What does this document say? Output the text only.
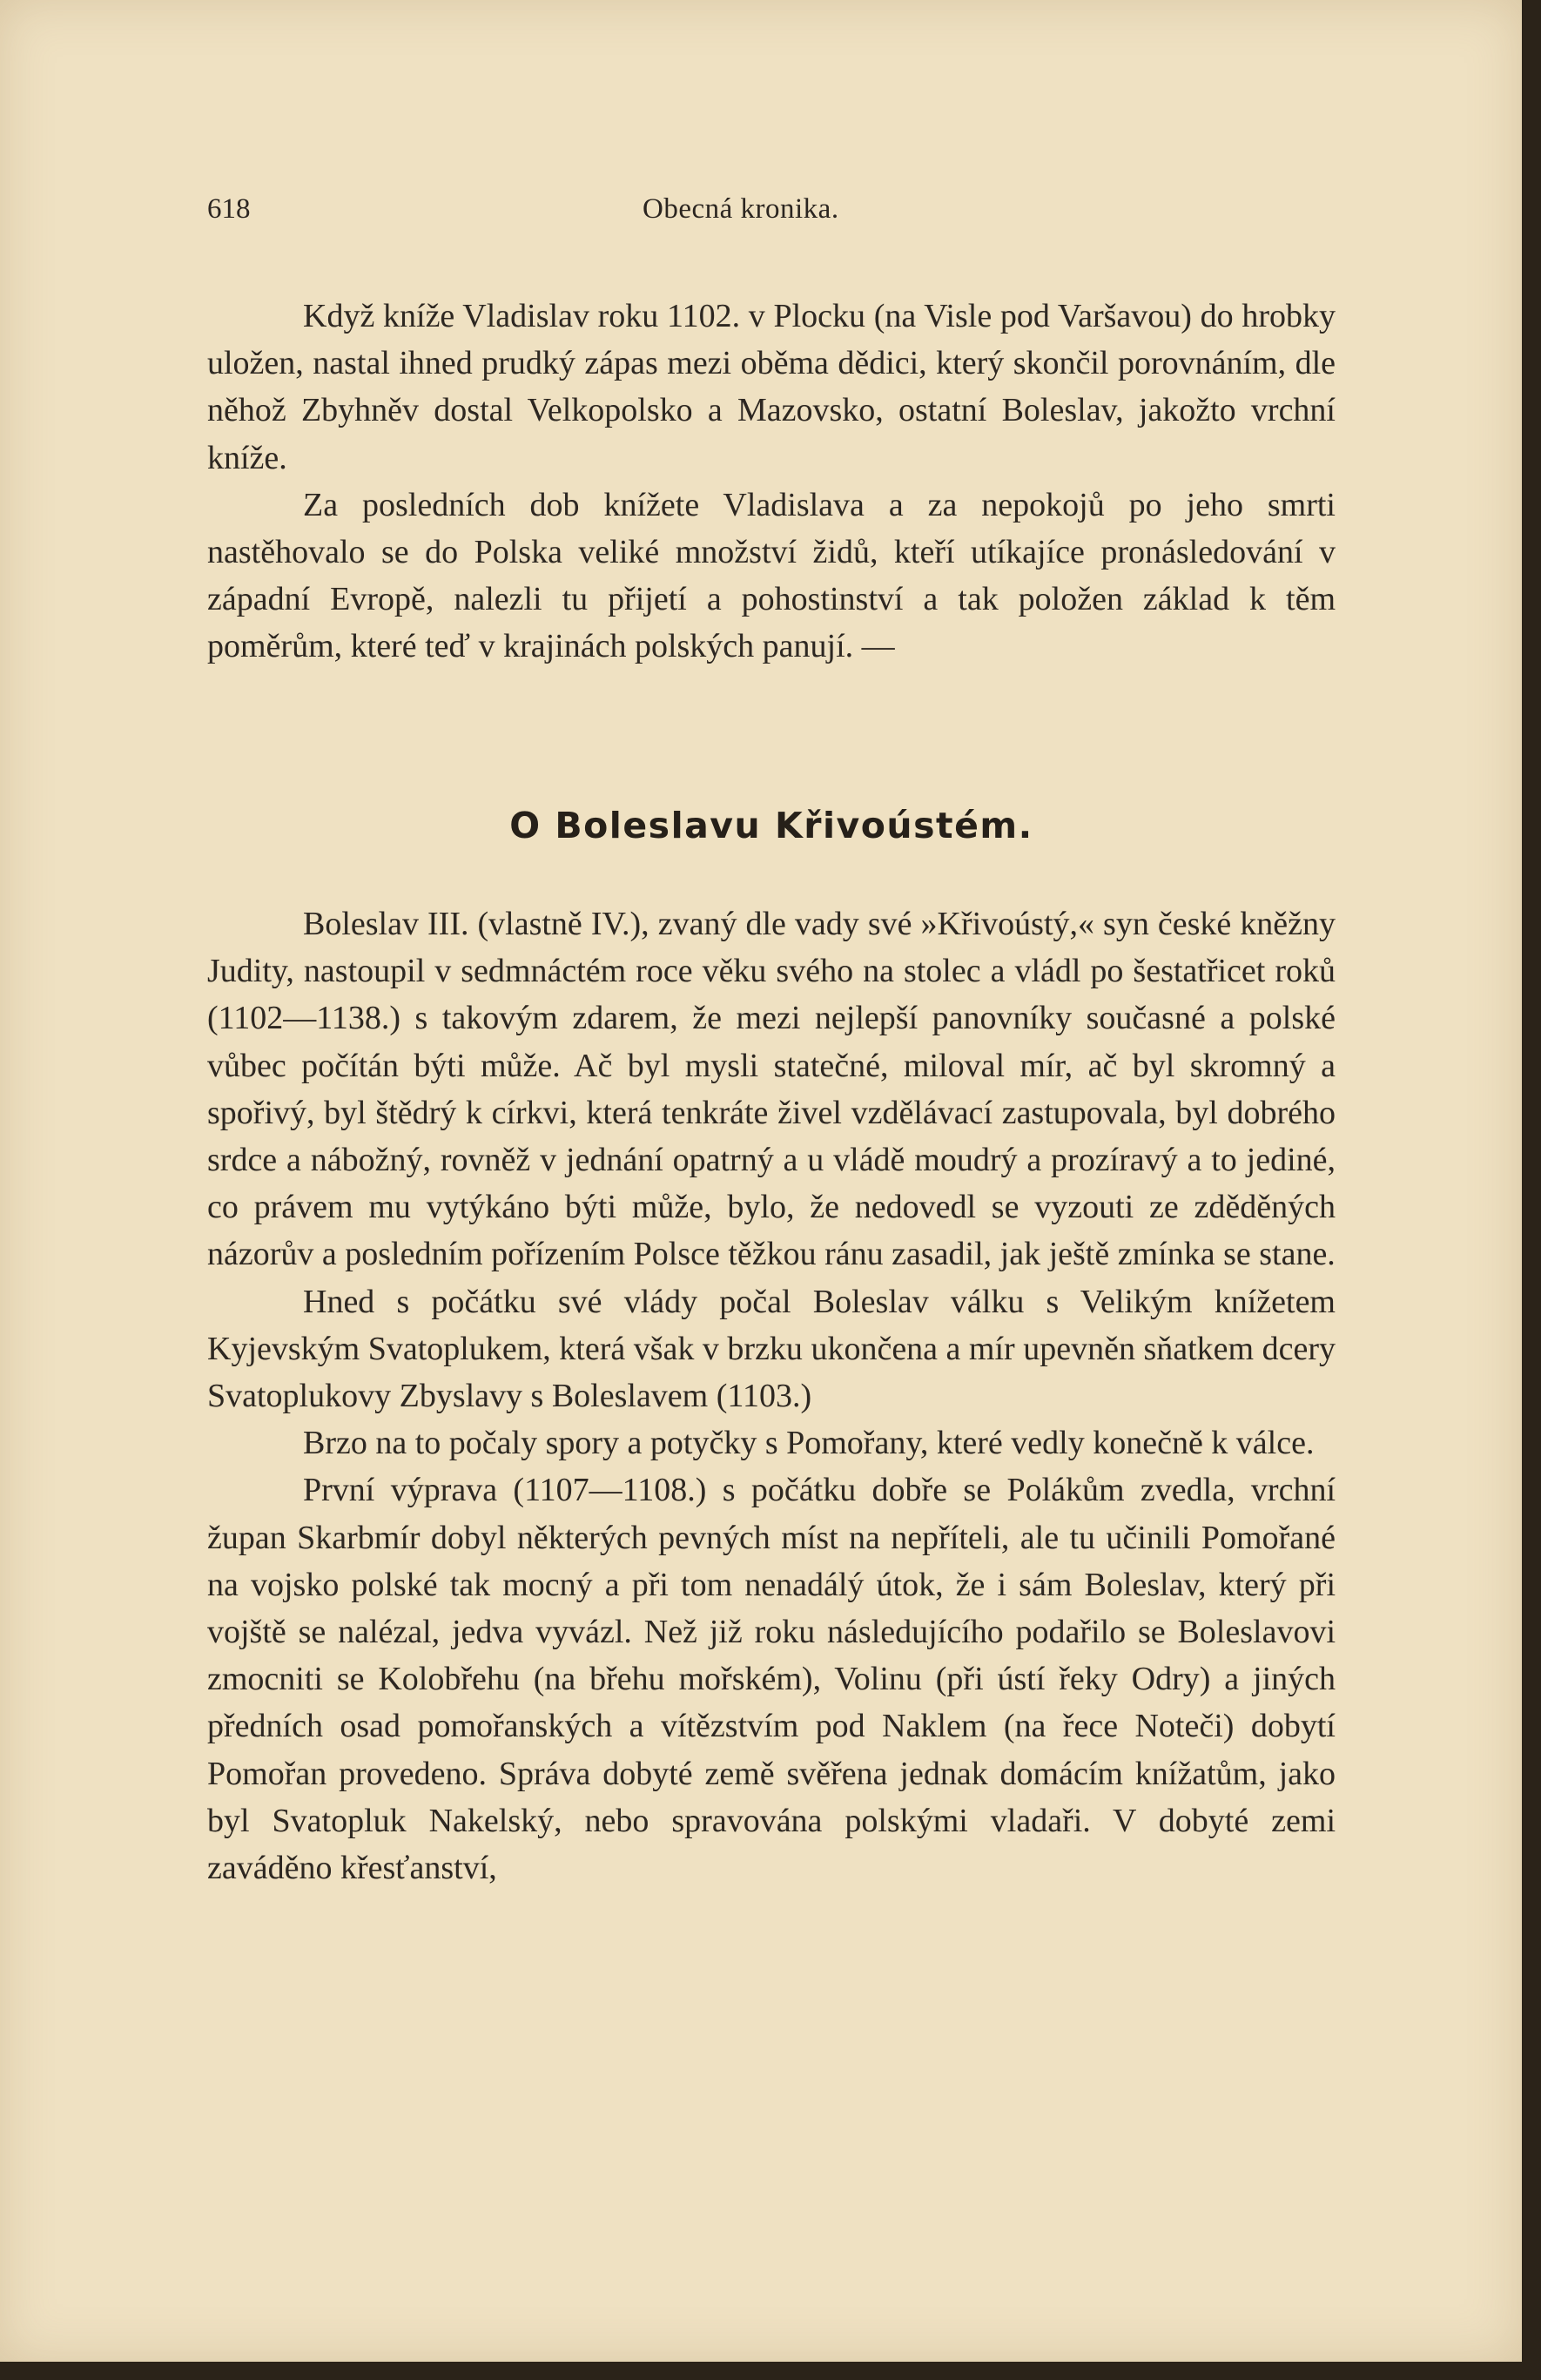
618	Obecná kronika.

Když kníže Vladislav roku 1102. v Plocku (na Visle pod Varšavou) do hrobky uložen, nastal ihned prudký zápas mezi oběma dědici, který skončil porovnáním, dle něhož Zbyhněv dostal Velkopolsko a Mazovsko, ostatní Boleslav, jakožto vrchní kníže.

Za posledních dob knížete Vladislava a za nepokojů po jeho smrti nastěhovalo se do Polska veliké množství židů, kteří utíkajíce pronásledování v západní Evropě, nalezli tu přijetí a pohostinství a tak položen základ k těm poměrům, které teď v krajinách polských panují. —

O Boleslavu Křivoústém.

Boleslav III. (vlastně IV.), zvaný dle vady své »Křivoústý,« syn české kněžny Judity, nastoupil v sedmnáctém roce věku svého na stolec a vládl po šestatřicet roků (1102—1138.) s takovým zdarem, že mezi nejlepší panovníky současné a polské vůbec počítán býti může. Ač byl mysli statečné, miloval mír, ač byl skromný a spořivý, byl štědrý k církvi, která tenkráte živel vzdělávací zastupovala, byl dobrého srdce a nábožný, rovněž v jednání opatrný a u vládě moudrý a prozíravý a to jediné, co právem mu vytýkáno býti může, bylo, že nedovedl se vyzouti ze zděděných názorův a posledním pořízením Polsce těžkou ránu zasadil, jak ještě zmínka se stane.

Hned s počátku své vlády počal Boleslav válku s Velikým knížetem Kyjevským Svatoplukem, která však v brzku ukončena a mír upevněn sňatkem dcery Svatoplukovy Zbyslavy s Boleslavem (1103.)

Brzo na to počaly spory a potyčky s Pomořany, které vedly konečně k válce.

První výprava (1107—1108.) s počátku dobře se Polákům zvedla, vrchní župan Skarbmír dobyl některých pevných míst na nepříteli, ale tu učinili Pomořané na vojsko polské tak mocný a při tom nenadálý útok, že i sám Boleslav, který při vojště se nalézal, jedva vyvázl. Než již roku následujícího podařilo se Boleslavovi zmocniti se Kolobřehu (na břehu mořském), Volinu (při ústí řeky Odry) a jiných předních osad pomořanských a vítězstvím pod Naklem (na řece Noteči) dobytí Pomořan provedeno. Správa dobyté země svěřena jednak domácím knížatům, jako byl Svatopluk Nakelský, nebo spravována polskými vladaři. V dobyté zemi zaváděno křesťanství,
